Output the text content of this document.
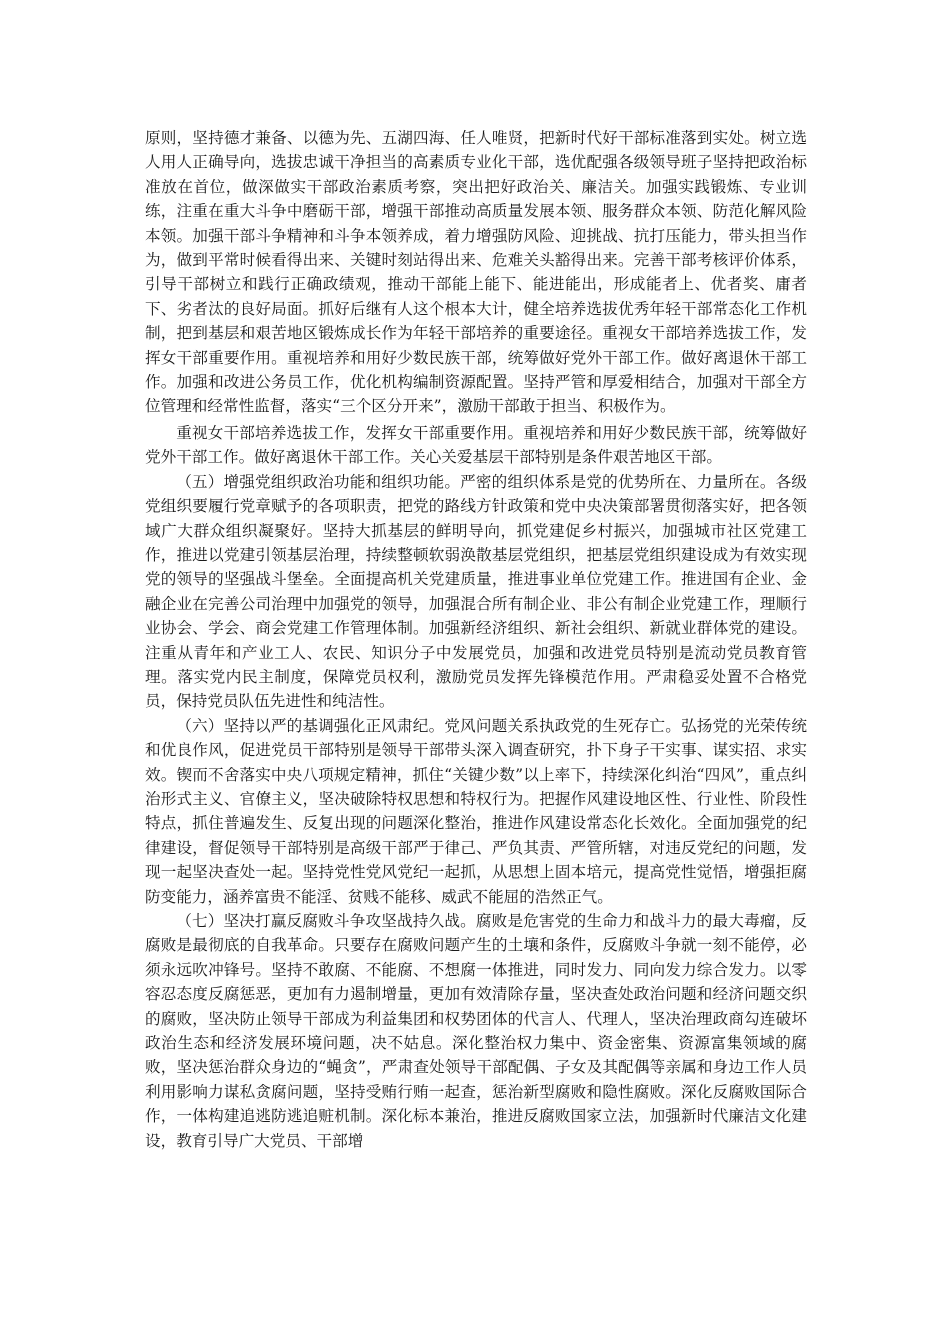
原则，坚持德才兼备、以德为先、五湖四海、任人唯贤，把新时代好干部标准落到实处。树立选人用人正确导向，选拔忠诚干净担当的高素质专业化干部，选优配强各级领导班子坚持把政治标准放在首位，做深做实干部政治素质考察，突出把好政治关、廉洁关。加强实践锻炼、专业训练，注重在重大斗争中磨砺干部，增强干部推动高质量发展本领、服务群众本领、防范化解风险本领。加强干部斗争精神和斗争本领养成，着力增强防风险、迎挑战、抗打压能力，带头担当作为，做到平常时候看得出来、关键时刻站得出来、危难关头豁得出来。完善干部考核评价体系，引导干部树立和践行正确政绩观，推动干部能上能下、能进能出，形成能者上、优者奖、庸者下、劣者汰的良好局面。抓好后继有人这个根本大计，健全培养选拔优秀年轻干部常态化工作机制，把到基层和艰苦地区锻炼成长作为年轻干部培养的重要途径。重视女干部培养选拔工作，发挥女干部重要作用。重视培养和用好少数民族干部，统筹做好党外干部工作。做好离退休干部工作。加强和改进公务员工作，优化机构编制资源配置。坚持严管和厚爱相结合，加强对干部全方位管理和经常性监督，落实“三个区分开来”，激励干部敢于担当、积极作为。

重视女干部培养选拔工作，发挥女干部重要作用。重视培养和用好少数民族干部，统筹做好党外干部工作。做好离退休干部工作。关心关爱基层干部特别是条件艰苦地区干部。

（五）增强党组织政治功能和组织功能。严密的组织体系是党的优势所在、力量所在。各级党组织要履行党章赋予的各项职责，把党的路线方针政策和党中央决策部署贯彻落实好，把各领域广大群众组织凝聚好。坚持大抓基层的鲜明导向，抓党建促乡村振兴，加强城市社区党建工作，推进以党建引领基层治理，持续整顿软弱涣散基层党组织，把基层党组织建设成为有效实现党的领导的坚强战斗堡垒。全面提高机关党建质量，推进事业单位党建工作。推进国有企业、金融企业在完善公司治理中加强党的领导，加强混合所有制企业、非公有制企业党建工作，理顺行业协会、学会、商会党建工作管理体制。加强新经济组织、新社会组织、新就业群体党的建设。注重从青年和产业工人、农民、知识分子中发展党员，加强和改进党员特别是流动党员教育管理。落实党内民主制度，保障党员权利，激励党员发挥先锋模范作用。严肃稳妥处置不合格党员，保持党员队伍先进性和纯洁性。

（六）坚持以严的基调强化正风肃纪。党风问题关系执政党的生死存亡。弘扬党的光荣传统和优良作风，促进党员干部特别是领导干部带头深入调查研究，扑下身子干实事、谋实招、求实效。锲而不舍落实中央八项规定精神，抓住“关键少数”以上率下，持续深化纠治“四风”，重点纠治形式主义、官僚主义，坚决破除特权思想和特权行为。把握作风建设地区性、行业性、阶段性特点，抓住普遍发生、反复出现的问题深化整治，推进作风建设常态化长效化。全面加强党的纪律建设，督促领导干部特别是高级干部严于律己、严负其责、严管所辖，对违反党纪的问题，发现一起坚决查处一起。坚持党性党风党纪一起抓，从思想上固本培元，提高党性觉悟，增强拒腐防变能力，涵养富贵不能淫、贫贱不能移、威武不能屈的浩然正气。

（七）坚决打赢反腐败斗争攻坚战持久战。腐败是危害党的生命力和战斗力的最大毒瘤，反腐败是最彻底的自我革命。只要存在腐败问题产生的土壤和条件，反腐败斗争就一刻不能停，必须永远吹冲锋号。坚持不敢腐、不能腐、不想腐一体推进，同时发力、同向发力综合发力。以零容忍态度反腐惩恶，更加有力遏制增量，更加有效清除存量，坚决查处政治问题和经济问题交织的腐败，坚决防止领导干部成为利益集团和权势团体的代言人、代理人，坚决治理政商勾连破坏政治生态和经济发展环境问题，决不姑息。深化整治权力集中、资金密集、资源富集领域的腐败，坚决惩治群众身边的“蝇贪”，严肃查处领导干部配偶、子女及其配偶等亲属和身边工作人员利用影响力谋私贪腐问题，坚持受贿行贿一起查，惩治新型腐败和隐性腐败。深化反腐败国际合作，一体构建追逃防逃追赃机制。深化标本兼治，推进反腐败国家立法，加强新时代廉洁文化建设，教育引导广大党员、干部增
